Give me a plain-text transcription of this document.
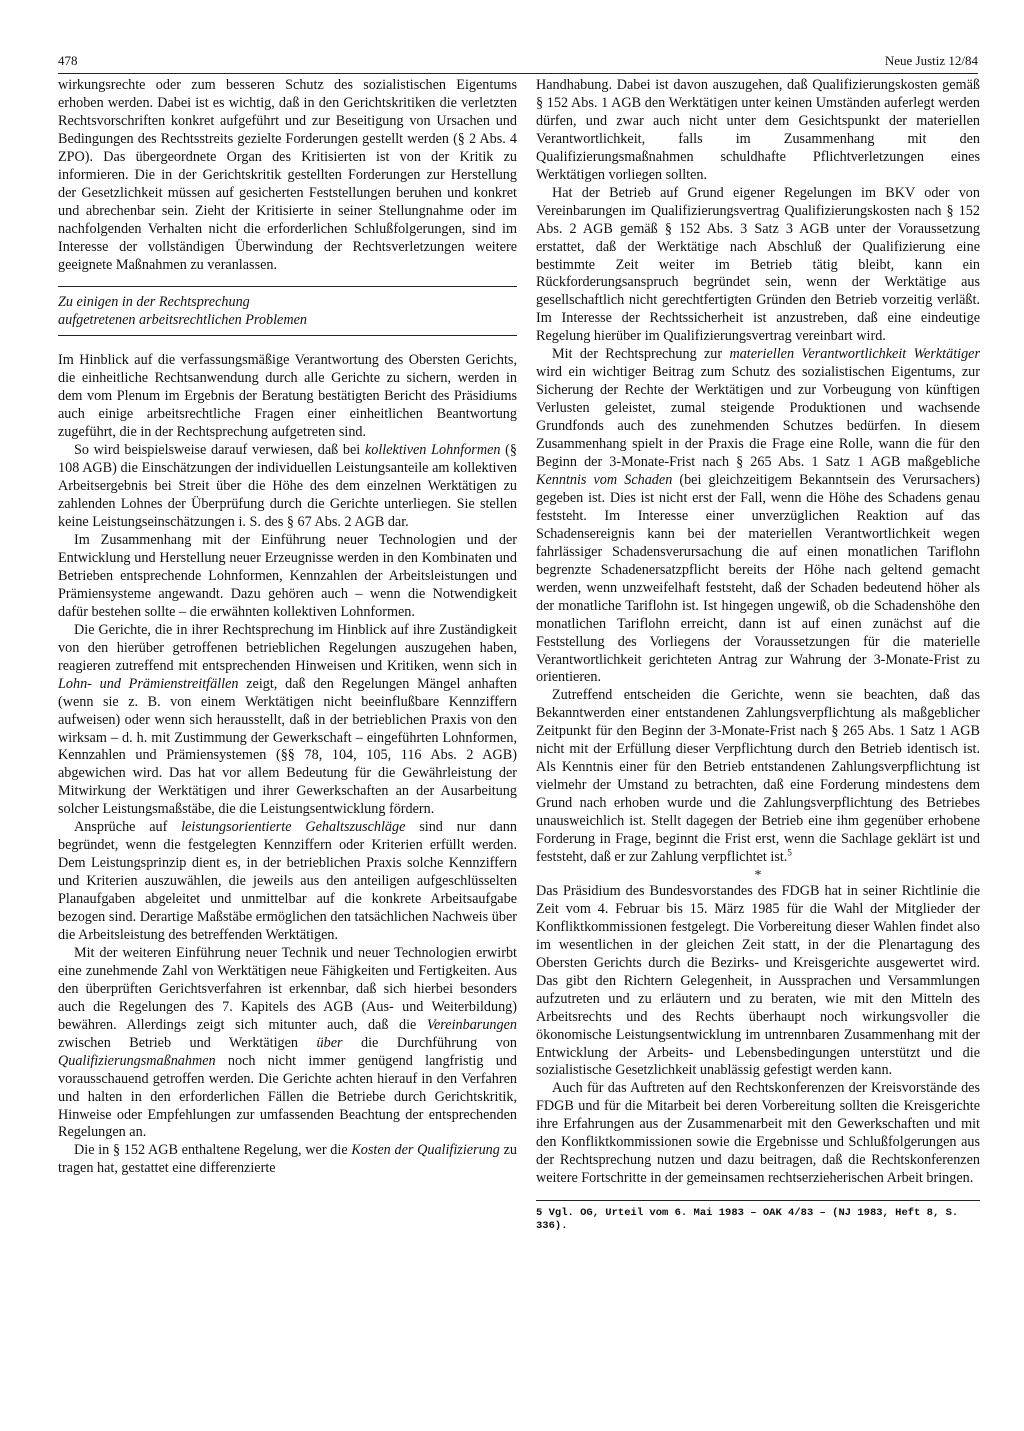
478	Neue Justiz 12/84

wirkungsrechte oder zum besseren Schutz des sozialistischen Eigentums erhoben werden. Dabei ist es wichtig, daß in den Gerichtskritiken die verletzten Rechtsvorschriften konkret aufgeführt und zur Beseitigung von Ursachen und Bedingungen des Rechtsstreits gezielte Forderungen gestellt werden (§ 2 Abs. 4 ZPO). Das übergeordnete Organ des Kritisierten ist von der Kritik zu informieren. Die in der Gerichtskritik gestellten Forderungen zur Herstellung der Gesetzlichkeit müssen auf gesicherten Feststellungen beruhen und konkret und abrechenbar sein. Zieht der Kritisierte in seiner Stellungnahme oder im nachfolgenden Verhalten nicht die erforderlichen Schlußfolgerungen, sind im Interesse der vollständigen Überwindung der Rechtsverletzungen weitere geeignete Maßnahmen zu veranlassen.

Zu einigen in der Rechtsprechung
aufgetretenen arbeitsrechtlichen Problemen

Im Hinblick auf die verfassungsmäßige Verantwortung des Obersten Gerichts, die einheitliche Rechtsanwendung durch alle Gerichte zu sichern, werden in dem vom Plenum im Ergebnis der Beratung bestätigten Bericht des Präsidiums auch einige arbeitsrechtliche Fragen einer einheitlichen Beantwortung zugeführt, die in der Rechtsprechung aufgetreten sind.

So wird beispielsweise darauf verwiesen, daß bei kollektiven Lohnformen (§ 108 AGB) die Einschätzungen der individuellen Leistungsanteile am kollektiven Arbeitsergebnis bei Streit über die Höhe des dem einzelnen Werktätigen zu zahlenden Lohnes der Überprüfung durch die Gerichte unterliegen. Sie stellen keine Leistungseinschätzungen i. S. des § 67 Abs. 2 AGB dar.

Im Zusammenhang mit der Einführung neuer Technologien und der Entwicklung und Herstellung neuer Erzeugnisse werden in den Kombinaten und Betrieben entsprechende Lohnformen, Kennzahlen der Arbeitsleistungen und Prämiensysteme angewandt. Dazu gehören auch – wenn die Notwendigkeit dafür bestehen sollte – die erwähnten kollektiven Lohnformen.

Die Gerichte, die in ihrer Rechtsprechung im Hinblick auf ihre Zuständigkeit von den hierüber getroffenen betrieblichen Regelungen auszugehen haben, reagieren zutreffend mit entsprechenden Hinweisen und Kritiken, wenn sich in Lohn- und Prämienstreitfällen zeigt, daß den Regelungen Mängel anhaften (wenn sie z. B. von einem Werktätigen nicht beeinflußbare Kennziffern aufweisen) oder wenn sich herausstellt, daß in der betrieblichen Praxis von den wirksam – d. h. mit Zustimmung der Gewerkschaft – eingeführten Lohnformen, Kennzahlen und Prämiensystemen (§§ 78, 104, 105, 116 Abs. 2 AGB) abgewichen wird. Das hat vor allem Bedeutung für die Gewährleistung der Mitwirkung der Werktätigen und ihrer Gewerkschaften an der Ausarbeitung solcher Leistungsmaßstäbe, die die Leistungsentwicklung fördern.

Ansprüche auf leistungsorientierte Gehaltszuschläge sind nur dann begründet, wenn die festgelegten Kennziffern oder Kriterien erfüllt werden. Dem Leistungsprinzip dient es, in der betrieblichen Praxis solche Kennziffern und Kriterien auszuwählen, die jeweils aus den anteiligen aufgeschlüsselten Planaufgaben abgeleitet und unmittelbar auf die konkrete Arbeitsaufgabe bezogen sind. Derartige Maßstäbe ermöglichen den tatsächlichen Nachweis über die Arbeitsleistung des betreffenden Werktätigen.

Mit der weiteren Einführung neuer Technik und neuer Technologien erwirbt eine zunehmende Zahl von Werktätigen neue Fähigkeiten und Fertigkeiten. Aus den überprüften Gerichtsverfahren ist erkennbar, daß sich hierbei besonders auch die Regelungen des 7. Kapitels des AGB (Aus- und Weiterbildung) bewähren. Allerdings zeigt sich mitunter auch, daß die Vereinbarungen zwischen Betrieb und Werktätigen über die Durchführung von Qualifizierungsmaßnahmen noch nicht immer genügend langfristig und vorausschauend getroffen werden. Die Gerichte achten hierauf in den Verfahren und halten in den erforderlichen Fällen die Betriebe durch Gerichtskritik, Hinweise oder Empfehlungen zur umfassenden Beachtung der entsprechenden Regelungen an.

Die in § 152 AGB enthaltene Regelung, wer die Kosten der Qualifizierung zu tragen hat, gestattet eine differenzierte

Handhabung. Dabei ist davon auszugehen, daß Qualifizierungskosten gemäß § 152 Abs. 1 AGB den Werktätigen unter keinen Umständen auferlegt werden dürfen, und zwar auch nicht unter dem Gesichtspunkt der materiellen Verantwortlichkeit, falls im Zusammenhang mit den Qualifizierungsmaßnahmen schuldhafte Pflichtverletzungen eines Werktätigen vorliegen sollten.

Hat der Betrieb auf Grund eigener Regelungen im BKV oder von Vereinbarungen im Qualifizierungsvertrag Qualifizierungskosten nach § 152 Abs. 2 AGB gemäß § 152 Abs. 3 Satz 3 AGB unter der Voraussetzung erstattet, daß der Werktätige nach Abschluß der Qualifizierung eine bestimmte Zeit weiter im Betrieb tätig bleibt, kann ein Rückforderungsanspruch begründet sein, wenn der Werktätige aus gesellschaftlich nicht gerechtfertigten Gründen den Betrieb vorzeitig verläßt. Im Interesse der Rechtssicherheit ist anzustreben, daß eine eindeutige Regelung hierüber im Qualifizierungsvertrag vereinbart wird.

Mit der Rechtsprechung zur materiellen Verantwortlichkeit Werktätiger wird ein wichtiger Beitrag zum Schutz des sozialistischen Eigentums, zur Sicherung der Rechte der Werktätigen und zur Vorbeugung von künftigen Verlusten geleistet, zumal steigende Produktionen und wachsende Grundfonds auch des zunehmenden Schutzes bedürfen. In diesem Zusammenhang spielt in der Praxis die Frage eine Rolle, wann die für den Beginn der 3-Monate-Frist nach § 265 Abs. 1 Satz 1 AGB maßgebliche Kenntnis vom Schaden (bei gleichzeitigem Bekanntsein des Verursachers) gegeben ist. Dies ist nicht erst der Fall, wenn die Höhe des Schadens genau feststeht. Im Interesse einer unverzüglichen Reaktion auf das Schadensereignis kann bei der materiellen Verantwortlichkeit wegen fahrlässiger Schadensverursachung die auf einen monatlichen Tariflohn begrenzte Schadenersatzpflicht bereits der Höhe nach geltend gemacht werden, wenn unzweifelhaft feststeht, daß der Schaden bedeutend höher als der monatliche Tariflohn ist. Ist hingegen ungewiß, ob die Schadenshöhe den monatlichen Tariflohn erreicht, dann ist auf einen zunächst auf die Feststellung des Vorliegens der Voraussetzungen für die materielle Verantwortlichkeit gerichteten Antrag zur Wahrung der 3-Monate-Frist zu orientieren.

Zutreffend entscheiden die Gerichte, wenn sie beachten, daß das Bekanntwerden einer entstandenen Zahlungsverpflichtung als maßgeblicher Zeitpunkt für den Beginn der 3-Monate-Frist nach § 265 Abs. 1 Satz 1 AGB nicht mit der Erfüllung dieser Verpflichtung durch den Betrieb identisch ist. Als Kenntnis einer für den Betrieb entstandenen Zahlungsverpflichtung ist vielmehr der Umstand zu betrachten, daß eine Forderung mindestens dem Grund nach erhoben wurde und die Zahlungsverpflichtung des Betriebes unausweichlich ist. Stellt dagegen der Betrieb eine ihm gegenüber erhobene Forderung in Frage, beginnt die Frist erst, wenn die Sachlage geklärt ist und feststeht, daß er zur Zahlung verpflichtet ist.$^5$

*

Das Präsidium des Bundesvorstandes des FDGB hat in seiner Richtlinie die Zeit vom 4. Februar bis 15. März 1985 für die Wahl der Mitglieder der Konfliktkommissionen festgelegt. Die Vorbereitung dieser Wahlen findet also im wesentlichen in der gleichen Zeit statt, in der die Plenartagung des Obersten Gerichts durch die Bezirks- und Kreisgerichte ausgewertet wird. Das gibt den Richtern Gelegenheit, in Aussprachen und Versammlungen aufzutreten und zu erläutern und zu beraten, wie mit den Mitteln des Arbeitsrechts und des Rechts überhaupt noch wirkungsvoller die ökonomische Leistungsentwicklung im untrennbaren Zusammenhang mit der Entwicklung der Arbeits- und Lebensbedingungen unterstützt und die sozialistische Gesetzlichkeit unablässig gefestigt werden kann.

Auch für das Auftreten auf den Rechtskonferenzen der Kreisvorstände des FDGB und für die Mitarbeit bei deren Vorbereitung sollten die Kreisgerichte ihre Erfahrungen aus der Zusammenarbeit mit den Gewerkschaften und mit den Konfliktkommissionen sowie die Ergebnisse und Schlußfolgerungen aus der Rechtsprechung nutzen und dazu beitragen, daß die Rechtskonferenzen weitere Fortschritte in der gemeinsamen rechtserzieherischen Arbeit bringen.

5 Vgl. OG, Urteil vom 6. Mai 1983 – OAK 4/83 – (NJ 1983, Heft 8, S. 336).
